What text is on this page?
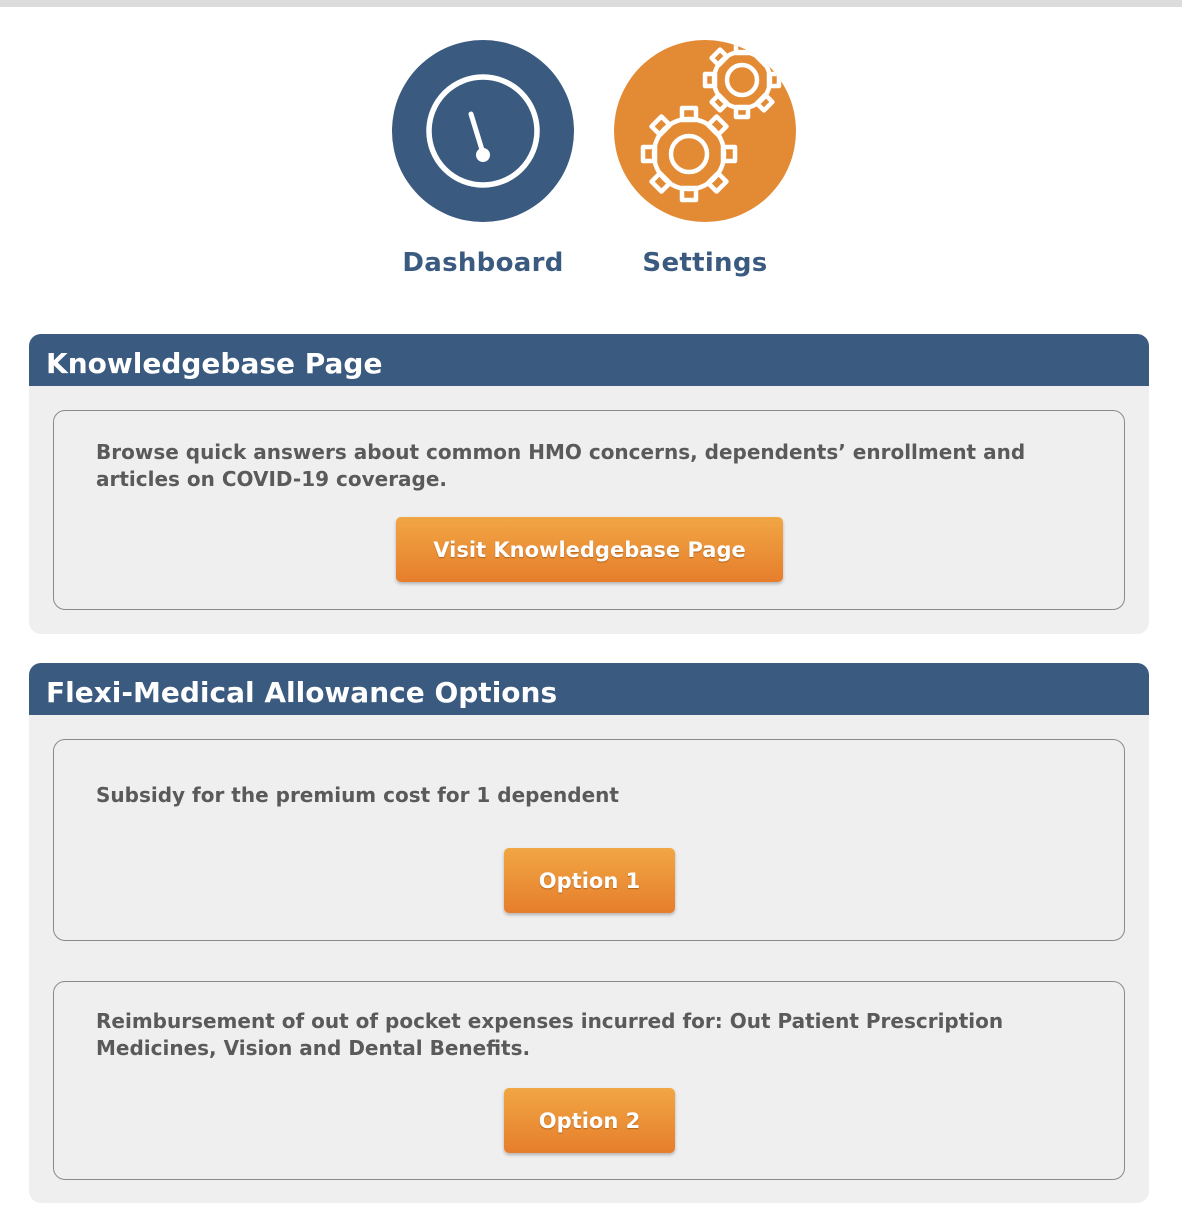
Dashboard	Settings
Knowledgebase Page
Browse quick answers about common HMO concerns, dependents’ enrollment and articles on COVID-19 coverage.
Visit Knowledgebase Page
Flexi-Medical Allowance Options
Subsidy for the premium cost for 1 dependent
Option 1
Reimbursement of out of pocket expenses incurred for: Out Patient Prescription Medicines, Vision and Dental Benefits.
Option 2
